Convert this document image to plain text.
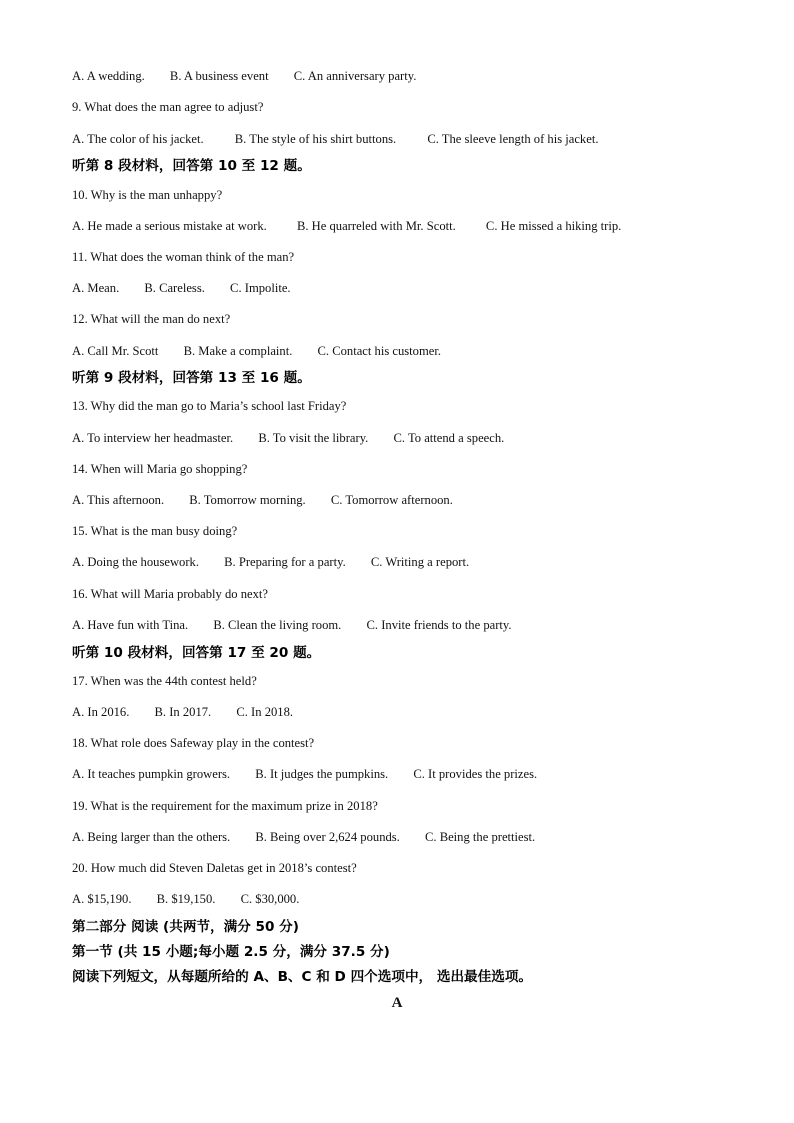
A. A wedding. B. A business event C. An anniversary party.
9. What does the man agree to adjust?
A. The color of his jacket. B. The style of his shirt buttons. C. The sleeve length of his jacket.
听第 8 段材料，回答第 10 至 12 题。
10. Why is the man unhappy?
A. He made a serious mistake at work. B. He quarreled with Mr. Scott. C. He missed a hiking trip.
11. What does the woman think of the man?
A. Mean. B. Careless. C. Impolite.
12. What will the man do next?
A. Call Mr. Scott B. Make a complaint. C. Contact his customer.
听第 9 段材料，回答第 13 至 16 题。
13. Why did the man go to Maria’s school last Friday?
A. To interview her headmaster. B. To visit the library. C. To attend a speech.
14. When will Maria go shopping?
A. This afternoon. B. Tomorrow morning. C. Tomorrow afternoon.
15. What is the man busy doing?
A. Doing the housework. B. Preparing for a party. C. Writing a report.
16. What will Maria probably do next?
A. Have fun with Tina. B. Clean the living room. C. Invite friends to the party.
听第 10 段材料，回答第 17 至 20 题。
17. When was the 44th contest held?
A. In 2016. B. In 2017. C. In 2018.
18. What role does Safeway play in the contest?
A. It teaches pumpkin growers. B. It judges the pumpkins. C. It provides the prizes.
19. What is the requirement for the maximum prize in 2018?
A. Being larger than the others. B. Being over 2,624 pounds. C. Being the prettiest.
20. How much did Steven Daletas get in 2018’s contest?
A. $15,190. B. $19,150. C. $30,000.
第二部分 阅读 (共两节，满分 50 分)
第一节 (共 15 小题;每小题 2.5 分，满分 37.5 分)
阅读下列短文，从每题所给的 A、B、C 和 D 四个选项中， 选出最佳选项。
A
